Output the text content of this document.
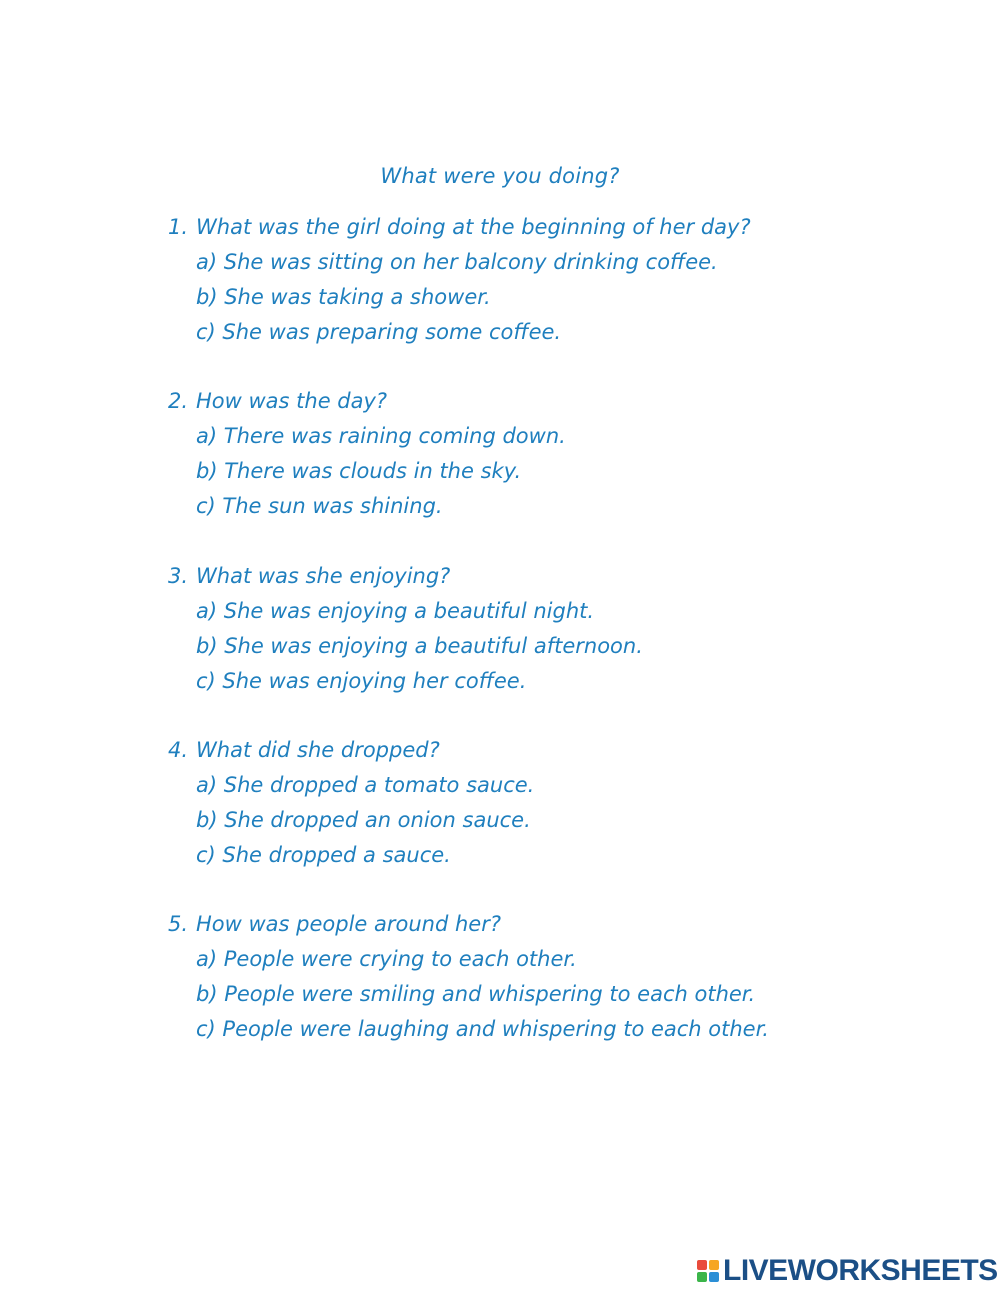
What were you doing?
1. What was the girl doing at the beginning of her day?
a) She was sitting on her balcony drinking coffee.
b) She was taking a shower.
c) She was preparing some coffee.
2. How was the day?
a) There was raining coming down.
b) There was clouds in the sky.
c) The sun was shining.
3. What was she enjoying?
a) She was enjoying a beautiful night.
b) She was enjoying a beautiful afternoon.
c) She was enjoying her coffee.
4. What did she dropped?
a) She dropped a tomato sauce.
b) She dropped an onion sauce.
c) She dropped a sauce.
5. How was people around her?
a) People were crying to each other.
b) People were smiling and whispering to each other.
c) People were laughing and whispering to each other.
LIVEWORKSHEETS
